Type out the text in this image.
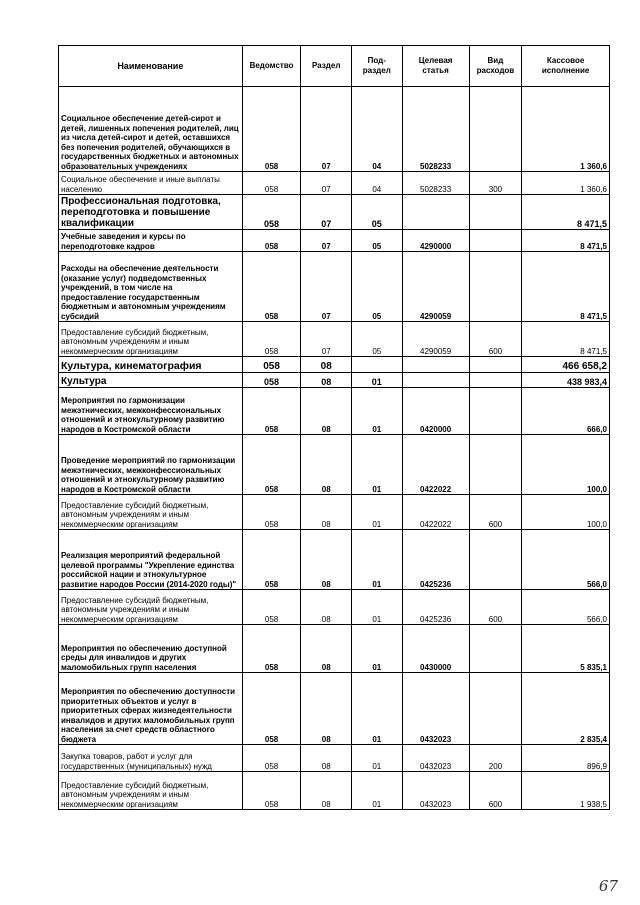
Наименование	Ведомство	Раздел	Под-раздел	Целевая статья	Вид расходов	Кассовое исполнение
Социальное обеспечение детей-сирот и детей, лишенных попечения родителей, лиц из числа детей-сирот и детей, оставшихся без попечения родителей, обучающихся в государственных бюджетных и автономных образовательных учреждениях	058	07	04	5028233		1 360,6
Социальное обеспечение и иные выплаты населению	058	07	04	5028233	300	1 360,6
Профессиональная подготовка, переподготовка и повышение квалификации	058	07	05			8 471,5
Учебные заведения и курсы по переподготовке кадров	058	07	05	4290000		8 471,5
Расходы на обеспечение деятельности (оказание услуг) подведомственных учреждений, в том числе на предоставление государственным бюджетным и автономным учреждениям субсидий	058	07	05	4290059		8 471,5
Предоставление субсидий бюджетным, автономным учреждениям и иным некоммерческим организациям	058	07	05	4290059	600	8 471,5
Культура, кинематография	058	08				466 658,2
Культура	058	08	01			438 983,4
Мероприятия по гармонизации межэтнических, межконфессиональных отношений и этнокультурному развитию народов в Костромской области	058	08	01	0420000		666,0
Проведение мероприятий по гармонизации межэтнических, межконфессиональных отношений и этнокультурному развитию народов в Костромской области	058	08	01	0422022		100,0
Предоставление субсидий бюджетным, автономным учреждениям и иным некоммерческим организациям	058	08	01	0422022	600	100,0
Реализация мероприятий федеральной целевой программы "Укрепление единства российской нации и этнокультурное развитие народов России (2014-2020 годы)"	058	08	01	0425236		566,0
Предоставление субсидий бюджетным, автономным учреждениям и иным некоммерческим организациям	058	08	01	0425236	600	566,0
Мероприятия по обеспечению доступной среды для инвалидов и других маломобильных групп населения	058	08	01	0430000		5 835,1
Мероприятия по обеспечению доступности приоритетных объектов и услуг в приоритетных сферах жизнедеятельности инвалидов и других маломобильных групп населения за счет средств областного бюджета	058	08	01	0432023		2 835,4
Закупка товаров, работ и услуг для государственных (муниципальных) нужд	058	08	01	0432023	200	896,9
Предоставление субсидий бюджетным, автономным учреждениям и иным некоммерческим организациям	058	08	01	0432023	600	1 938,5
67
